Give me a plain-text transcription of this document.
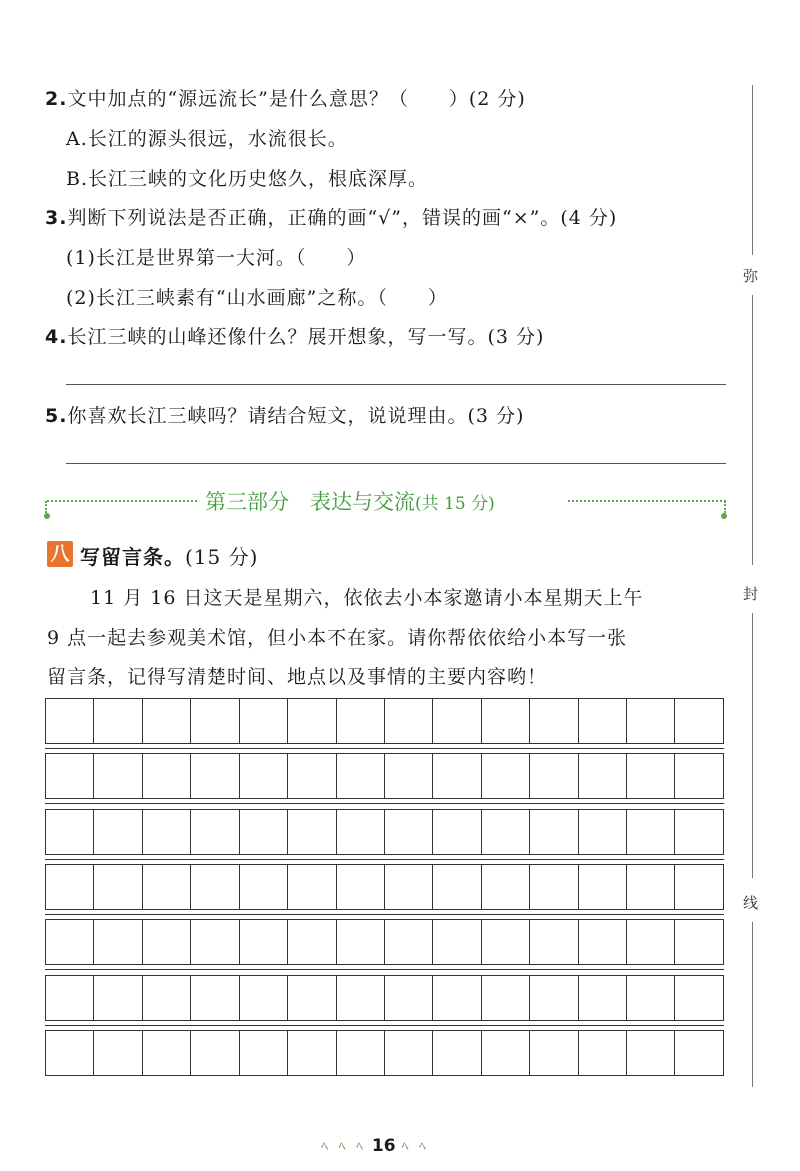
2.文中加点的“源远流长”是什么意思？（　　）(2 分)
A.长江的源头很远，水流很长。
B.长江三峡的文化历史悠久，根底深厚。
3.判断下列说法是否正确，正确的画“√”，错误的画“×”。(4 分)
(1)长江是世界第一大河。（　　）
(2)长江三峡素有“山水画廊”之称。（　　）
4.长江三峡的山峰还像什么？展开想象，写一写。(3 分)
5.你喜欢长江三峡吗？请结合短文，说说理由。(3 分)
第三部分　表达与交流(共 15 分)
八 写留言条。(15 分)
11 月 16 日这天是星期六，依依去小本家邀请小本星期天上午
9 点一起去参观美术馆，但小本不在家。请你帮依依给小本写一张
留言条，记得写清楚时间、地点以及事情的主要内容哟！
弥
封
线
ﾍ ﾍ ﾍ 16 ﾍ ﾍ
